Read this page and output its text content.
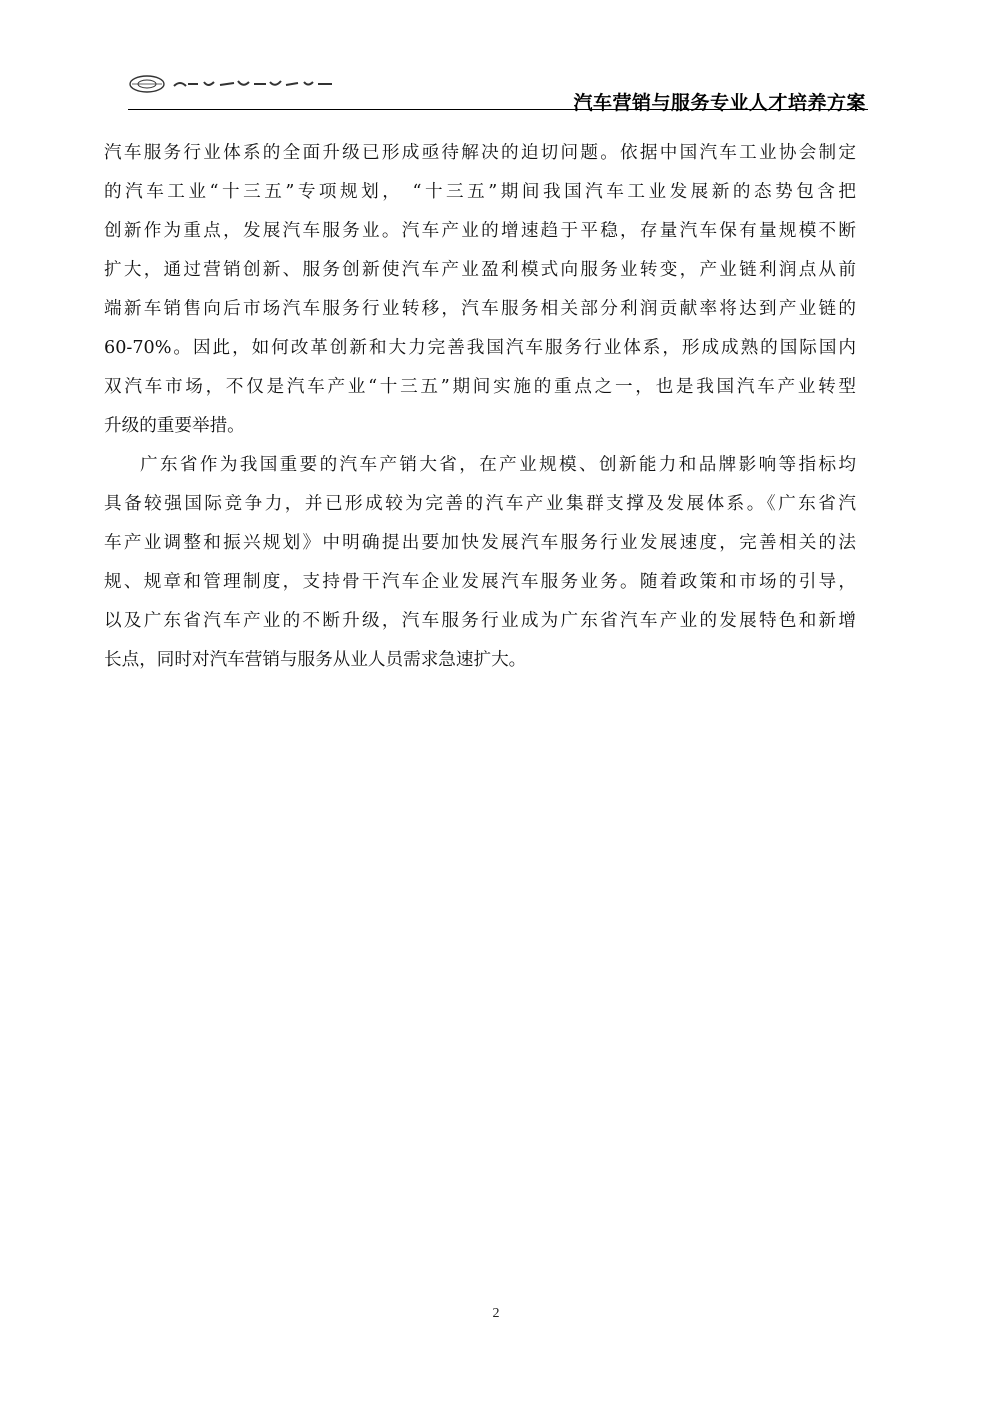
汽车营销与服务专业人才培养方案
汽车服务行业体系的全面升级已形成亟待解决的迫切问题。依据中国汽车工业协会制定
的汽车工业“十三五”专项规划， “十三五”期间我国汽车工业发展新的态势包含把
创新作为重点，发展汽车服务业。汽车产业的增速趋于平稳，存量汽车保有量规模不断
扩大，通过营销创新、服务创新使汽车产业盈利模式向服务业转变，产业链利润点从前
端新车销售向后市场汽车服务行业转移，汽车服务相关部分利润贡献率将达到产业链的
60-70%。因此，如何改革创新和大力完善我国汽车服务行业体系，形成成熟的国际国内
双汽车市场，不仅是汽车产业“十三五”期间实施的重点之一，也是我国汽车产业转型
升级的重要举措。
广东省作为我国重要的汽车产销大省，在产业规模、创新能力和品牌影响等指标均
具备较强国际竞争力，并已形成较为完善的汽车产业集群支撑及发展体系。《广东省汽
车产业调整和振兴规划》中明确提出要加快发展汽车服务行业发展速度，完善相关的法
规、规章和管理制度，支持骨干汽车企业发展汽车服务业务。随着政策和市场的引导，
以及广东省汽车产业的不断升级，汽车服务行业成为广东省汽车产业的发展特色和新增
长点，同时对汽车营销与服务从业人员需求急速扩大。
2
